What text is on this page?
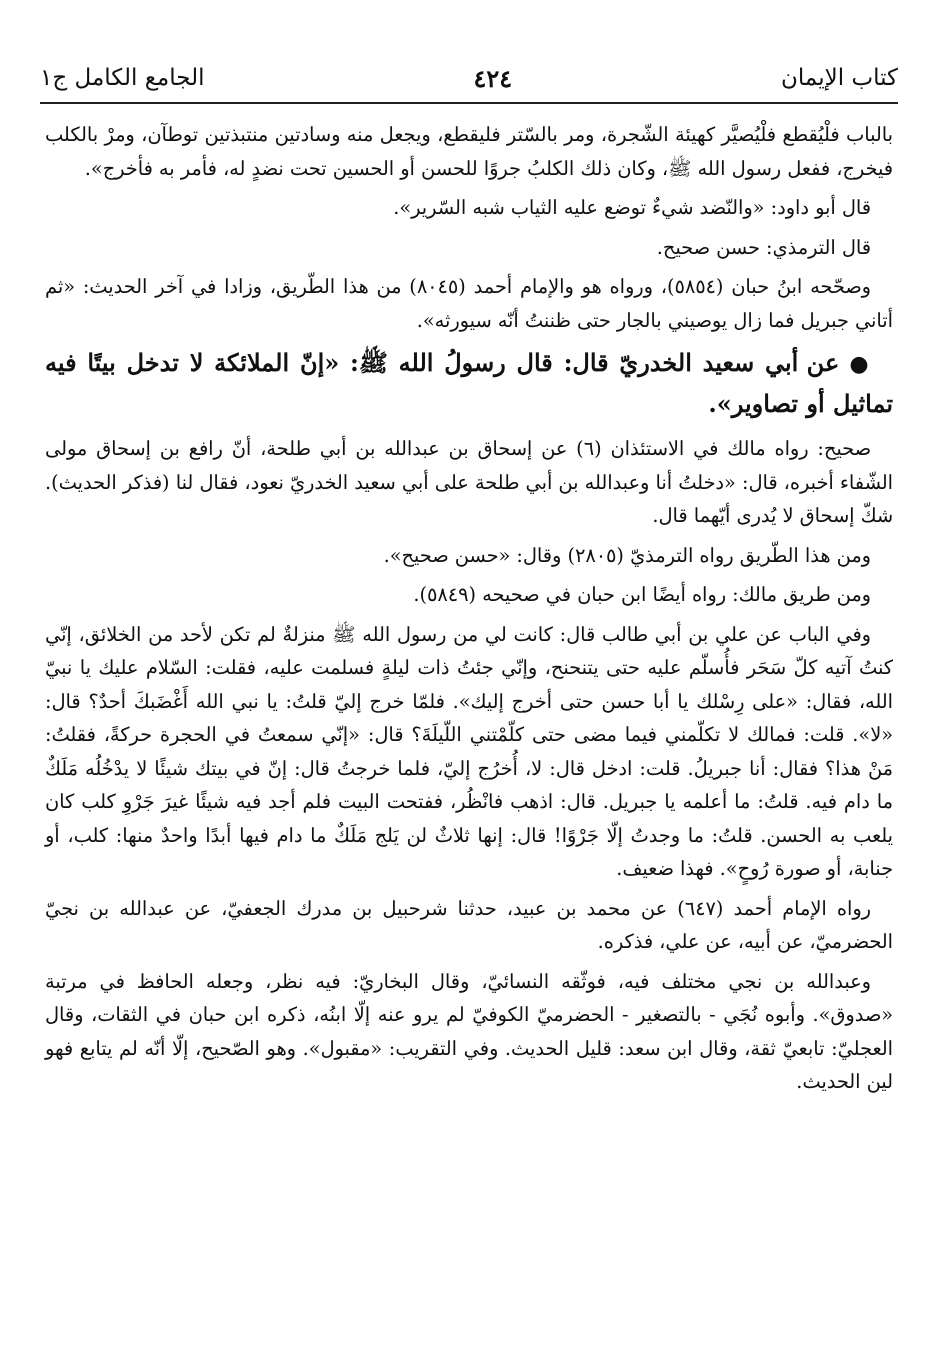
كتاب الإيمان
٤٢٤
الجامع الكامل ج١

بالباب فلْيُقطع فلْيُصيَّر كهيئة الشّجرة، ومر بالسّتر فليقطع، ويجعل منه وسادتين منتبذتين توطآن، ومرْ بالكلب فيخرج، ففعل رسول الله ﷺ، وكان ذلك الكلبُ جروًا للحسن أو الحسين تحت نضدٍ له، فأمر به فأخرج».

قال أبو داود: «والنّضد شيءٌ توضع عليه الثياب شبه السّرير».

قال الترمذي: حسن صحيح.

وصحّحه ابنُ حبان (٥٨٥٤)، ورواه هو والإمام أحمد (٨٠٤٥) من هذا الطّريق، وزادا في آخر الحديث: «ثم أتاني جبريل فما زال يوصيني بالجار حتى ظننتُ أنّه سيورثه».

● عن أبي سعيد الخدريّ قال: قال رسولُ الله ﷺ: «إنّ الملائكة لا تدخل بيتًا فيه تماثيل أو تصاوير».

صحيح: رواه مالك في الاستئذان (٦) عن إسحاق بن عبدالله بن أبي طلحة، أنّ رافع بن إسحاق مولى الشّفاء أخبره، قال: «دخلتُ أنا وعبدالله بن أبي طلحة على أبي سعيد الخدريّ نعود، فقال لنا (فذكر الحديث). شكّ إسحاق لا يُدرى أيّهما قال.

ومن هذا الطّريق رواه الترمذيّ (٢٨٠٥) وقال: «حسن صحيح».

ومن طريق مالك: رواه أيضًا ابن حبان في صحيحه (٥٨٤٩).

وفي الباب عن علي بن أبي طالب قال: كانت لي من رسول الله ﷺ منزلةٌ لم تكن لأحد من الخلائق، إنّي كنتُ آتيه كلّ سَحَر فأُسلّم عليه حتى يتنحنح، وإنّي جئتُ ذات ليلةٍ فسلمت عليه، فقلت: السّلام عليك يا نبيّ الله، فقال: «على رِسْلك يا أبا حسن حتى أخرج إليك». فلمّا خرج إليّ قلتُ: يا نبي الله أَغْضَبكَ أحدٌ؟ قال: «لا». قلت: فمالك لا تكلّمني فيما مضى حتى كلّمْتني اللّيلَةَ؟ قال: «إنّي سمعتُ في الحجرة حركةً، فقلتُ: مَنْ هذا؟ فقال: أنا جبريلُ. قلت: ادخل قال: لا، أُخرُج إليّ، فلما خرجتُ قال: إنّ في بيتك شيئًا لا يدْخُلُه مَلَكٌ ما دام فيه. قلتُ: ما أعلمه يا جبريل. قال: اذهب فانْظُر، ففتحت البيت فلم أجد فيه شيئًا غيرَ جَرْوِ كلب كان يلعب به الحسن. قلتُ: ما وجدتُ إلّا جَرْوًا! قال: إنها ثلاثٌ لن يَلج مَلَكٌ ما دام فيها أبدًا واحدٌ منها: كلب، أو جنابة، أو صورة رُوحٍ». فهذا ضعيف.

رواه الإمام أحمد (٦٤٧) عن محمد بن عبيد، حدثنا شرحبيل بن مدرك الجعفيّ، عن عبدالله بن نجيّ الحضرميّ، عن أبيه، عن علي، فذكره.

وعبدالله بن نجي مختلف فيه، فوثّقه النسائيّ، وقال البخاريّ: فيه نظر، وجعله الحافظ في مرتبة «صدوق». وأبوه نُجَي - بالتصغير - الحضرميّ الكوفيّ لم يرو عنه إلّا ابنُه، ذكره ابن حبان في الثقات، وقال العجليّ: تابعيّ ثقة، وقال ابن سعد: قليل الحديث. وفي التقريب: «مقبول». وهو الصّحيح، إلّا أنّه لم يتابع فهو لين الحديث.
